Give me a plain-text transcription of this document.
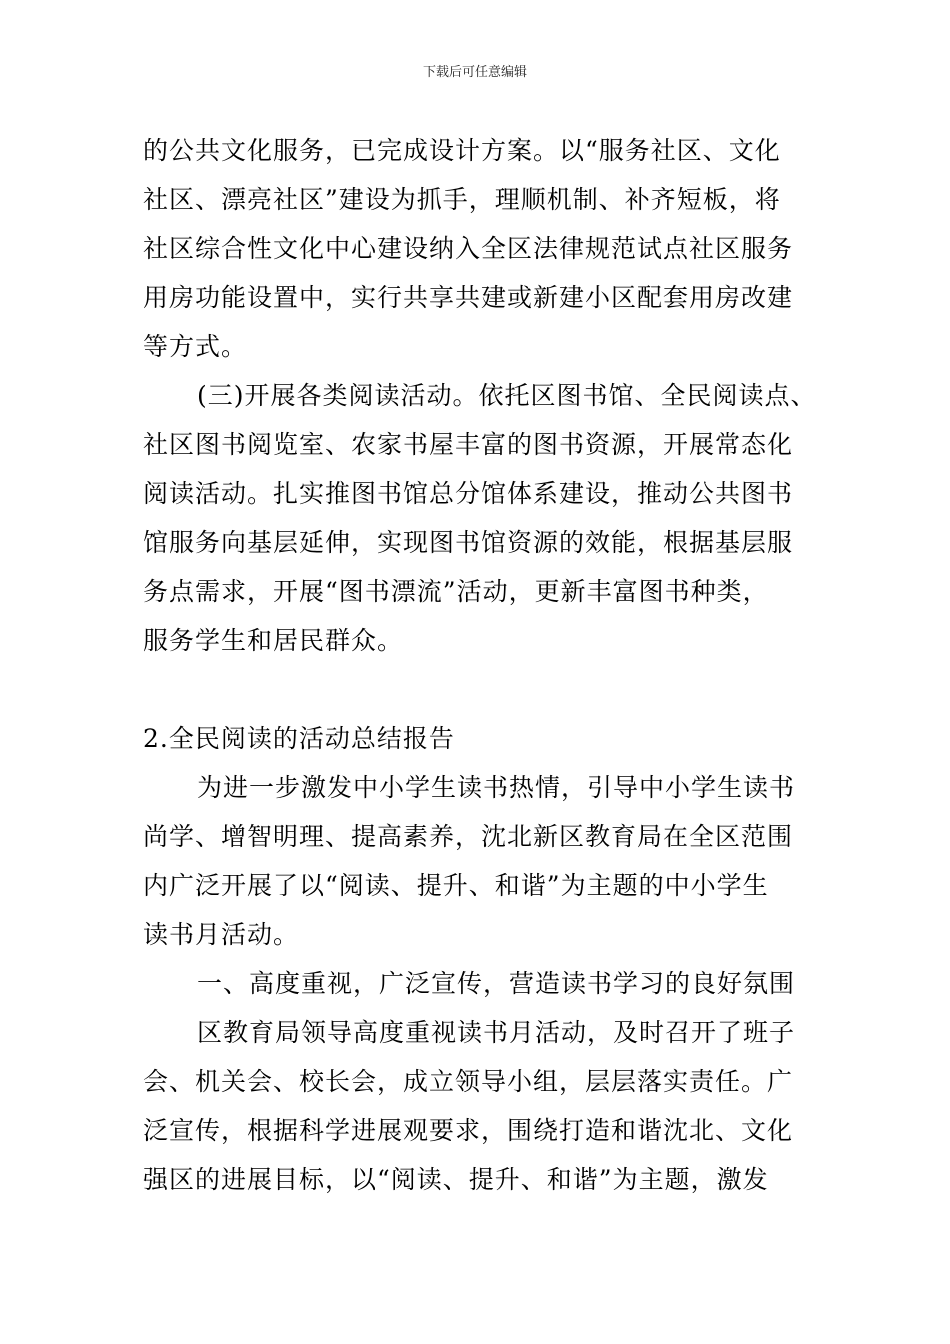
下载后可任意编辑
的公共文化服务，已完成设计方案。以“服务社区、文化
社区、漂亮社区”建设为抓手，理顺机制、补齐短板，将
社区综合性文化中心建设纳入全区法律规范试点社区服务
用房功能设置中，实行共享共建或新建小区配套用房改建
等方式。
(三)开展各类阅读活动。依托区图书馆、全民阅读点、
社区图书阅览室、农家书屋丰富的图书资源，开展常态化
阅读活动。扎实推图书馆总分馆体系建设，推动公共图书
馆服务向基层延伸，实现图书馆资源的效能，根据基层服
务点需求，开展“图书漂流”活动，更新丰富图书种类，
服务学生和居民群众。
2.全民阅读的活动总结报告
为进一步激发中小学生读书热情，引导中小学生读书
尚学、增智明理、提高素养，沈北新区教育局在全区范围
内广泛开展了以“阅读、提升、和谐”为主题的中小学生
读书月活动。
一、高度重视，广泛宣传，营造读书学习的良好氛围
区教育局领导高度重视读书月活动，及时召开了班子
会、机关会、校长会，成立领导小组，层层落实责任。广
泛宣传，根据科学进展观要求，围绕打造和谐沈北、文化
强区的进展目标，以“阅读、提升、和谐”为主题，激发
